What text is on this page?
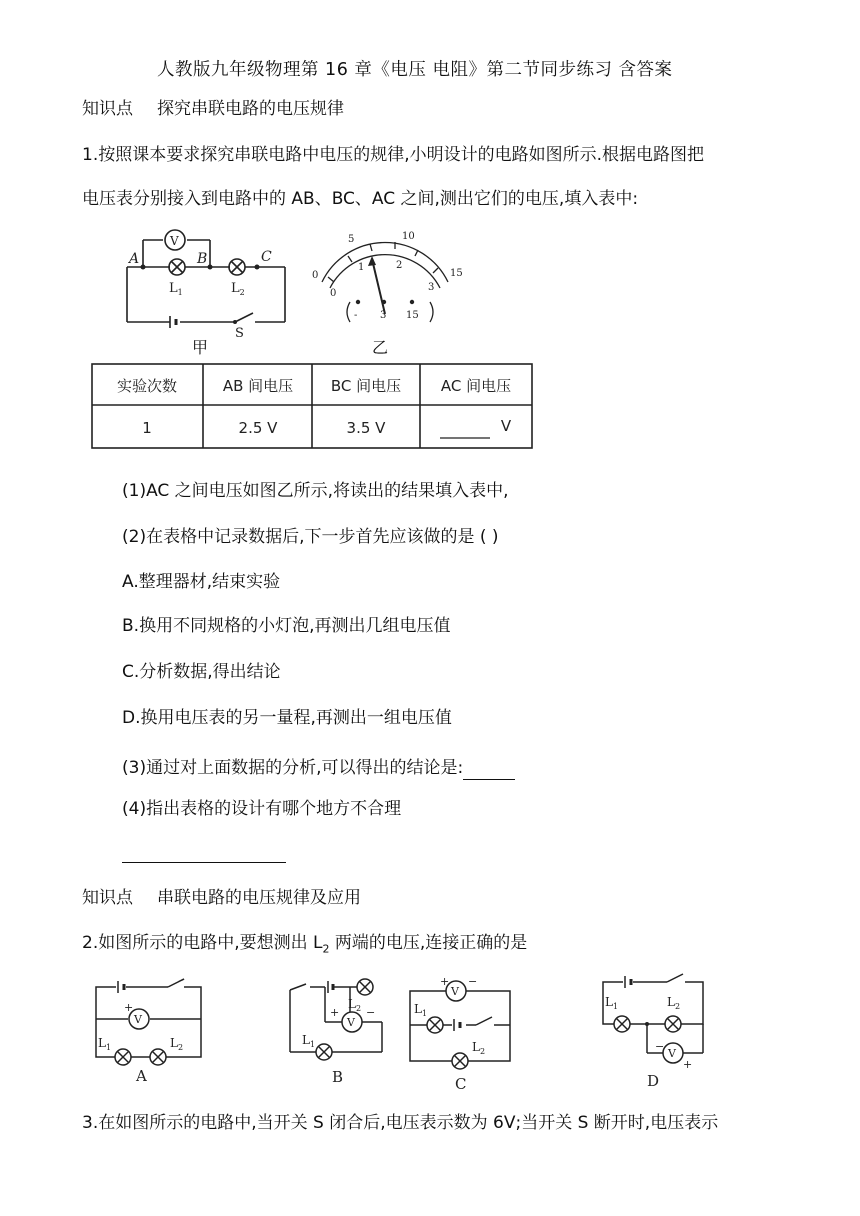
人教版九年级物理第 16 章《电压 电阻》第二节同步练习 含答案
知识点 探究串联电路的电压规律
1.按照课本要求探究串联电路中电压的规律,小明设计的电路如图所示.根据电路图把
电压表分别接入到电路中的 AB、BC、AC 之间,测出它们的电压,填入表中:
A	B	C
V
$L_1$	$L_2$
S
甲
5	10
0	15
0
1	2
3
- 3 15
乙
实验次数	AB 间电压	BC 间电压	AC 间电压
1	2.5 V	3.5 V	V
(1)AC 之间电压如图乙所示,将读出的结果填入表中,
(2)在表格中记录数据后,下一步首先应该做的是 ( )
A.整理器材,结束实验
B.换用不同规格的小灯泡,再测出几组电压值
C.分析数据,得出结论
D.换用电压表的另一量程,再测出一组电压值
(3)通过对上面数据的分析,可以得出的结论是:
(4)指出表格的设计有哪个地方不合理
知识点 串联电路的电压规律及应用
2.如图所示的电路中,要想测出 $L_2$ 两端的电压,连接正确的是
V
+
$L_1$	$L_2$
A
V
+ −
$L_2$
$L_1$
B
V
+ −
$L_1$
$L_2$
C
V
−
+
$L_1$	$L_2$
D
3.在如图所示的电路中,当开关 S 闭合后,电压表示数为 6V;当开关 S 断开时,电压表示
